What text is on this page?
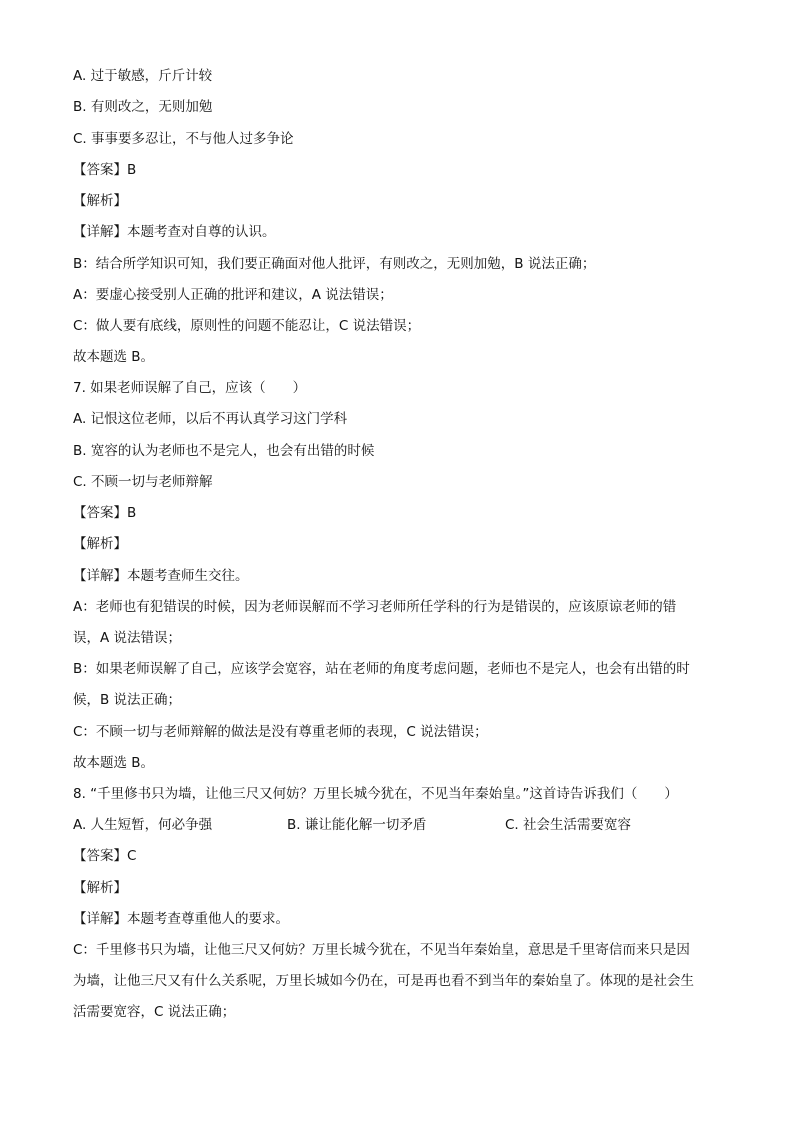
A. 过于敏感，斤斤计较
B. 有则改之，无则加勉
C. 事事要多忍让，不与他人过多争论
【答案】B
【解析】
【详解】本题考查对自尊的认识。
B：结合所学知识可知，我们要正确面对他人批评，有则改之，无则加勉，B 说法正确；
A：要虚心接受别人正确的批评和建议，A 说法错误；
C：做人要有底线，原则性的问题不能忍让，C 说法错误；
故本题选 B。
7. 如果老师误解了自己，应该（　　）
A. 记恨这位老师，以后不再认真学习这门学科
B. 宽容的认为老师也不是完人，也会有出错的时候
C. 不顾一切与老师辩解
【答案】B
【解析】
【详解】本题考查师生交往。
A：老师也有犯错误的时候，因为老师误解而不学习老师所任学科的行为是错误的，应该原谅老师的错
误，A 说法错误；
B：如果老师误解了自己，应该学会宽容，站在老师的角度考虑问题，老师也不是完人，也会有出错的时
候，B 说法正确；
C：不顾一切与老师辩解的做法是没有尊重老师的表现，C 说法错误；
故本题选 B。
8. “千里修书只为墙，让他三尺又何妨？万里长城今犹在，不见当年秦始皇。”这首诗告诉我们（　　）
A. 人生短暂，何必争强	B. 谦让能化解一切矛盾	C. 社会生活需要宽容
【答案】C
【解析】
【详解】本题考查尊重他人的要求。
C：千里修书只为墙，让他三尺又何妨？万里长城今犹在，不见当年秦始皇，意思是千里寄信而来只是因
为墙，让他三尺又有什么关系呢，万里长城如今仍在，可是再也看不到当年的秦始皇了。体现的是社会生
活需要宽容，C 说法正确；
